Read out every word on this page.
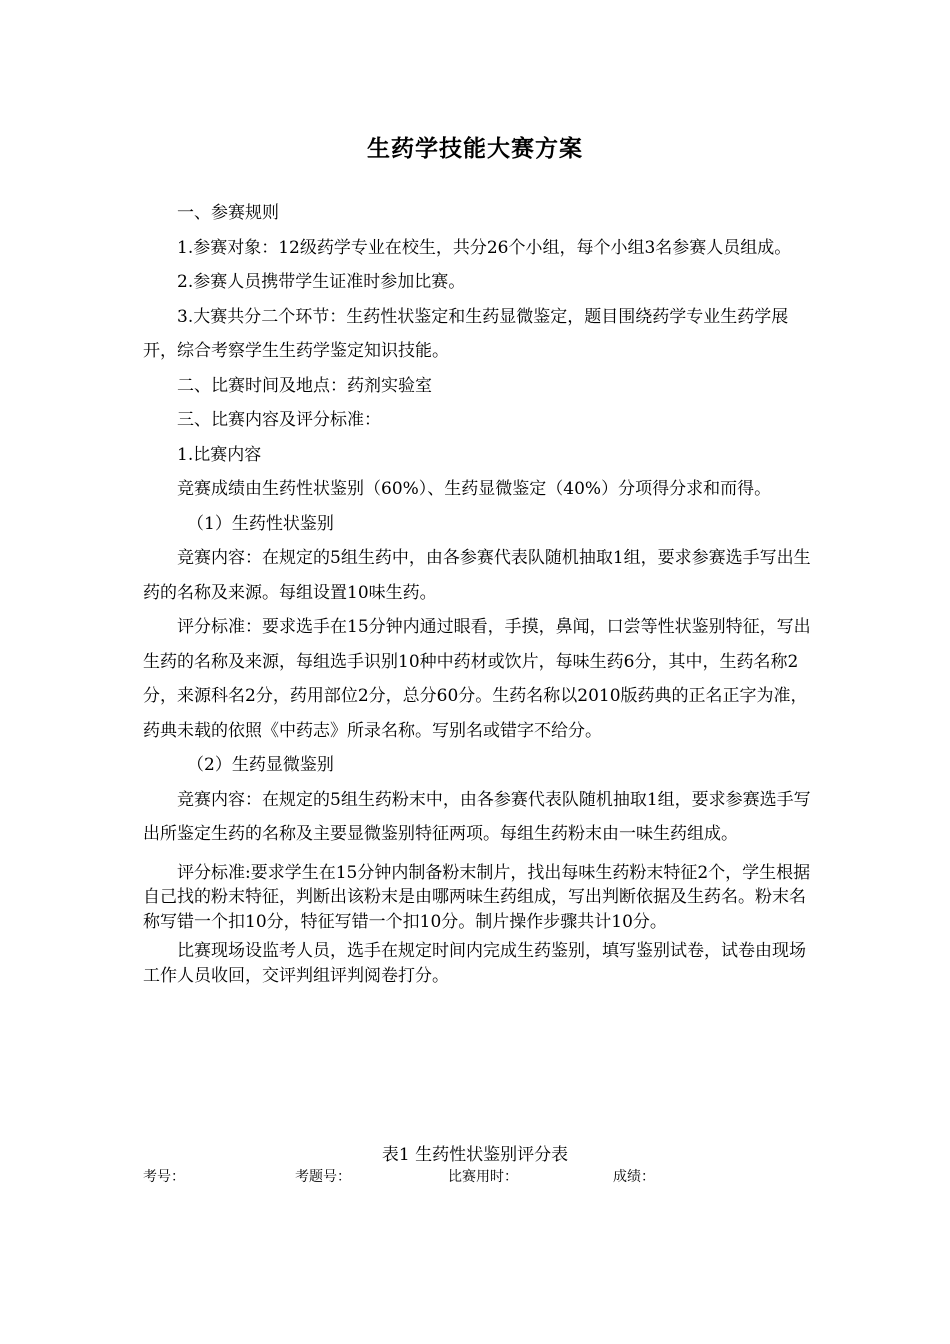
生药学技能大赛方案

一、参赛规则

1.参赛对象：12级药学专业在校生，共分26个小组，每个小组3名参赛人员组成。

2.参赛人员携带学生证准时参加比赛。

3.大赛共分二个环节：生药性状鉴定和生药显微鉴定，题目围绕药学专业生药学展开，综合考察学生生药学鉴定知识技能。

二、比赛时间及地点：药剂实验室

三、比赛内容及评分标准：

1.比赛内容

竞赛成绩由生药性状鉴别（60%）、生药显微鉴定（40%）分项得分求和而得。

（1）生药性状鉴别

竞赛内容：在规定的5组生药中，由各参赛代表队随机抽取1组，要求参赛选手写出生药的名称及来源。每组设置10味生药。

评分标准：要求选手在15分钟内通过眼看，手摸，鼻闻，口尝等性状鉴别特征，写出生药的名称及来源，每组选手识别10种中药材或饮片，每味生药6分，其中，生药名称2分，来源科名2分，药用部位2分，总分60分。生药名称以2010版药典的正名正字为准，药典未载的依照《中药志》所录名称。写别名或错字不给分。

（2）生药显微鉴别

竞赛内容：在规定的5组生药粉末中，由各参赛代表队随机抽取1组，要求参赛选手写出所鉴定生药的名称及主要显微鉴别特征两项。每组生药粉末由一味生药组成。

评分标准:要求学生在15分钟内制备粉末制片，找出每味生药粉末特征2个，学生根据自己找的粉末特征，判断出该粉末是由哪两味生药组成，写出判断依据及生药名。粉末名称写错一个扣10分，特征写错一个扣10分。制片操作步骤共计10分。

比赛现场设监考人员，选手在规定时间内完成生药鉴别，填写鉴别试卷，试卷由现场工作人员收回，交评判组评判阅卷打分。

表1 生药性状鉴别评分表
考号：	考题号：	比赛用时：	成绩：
